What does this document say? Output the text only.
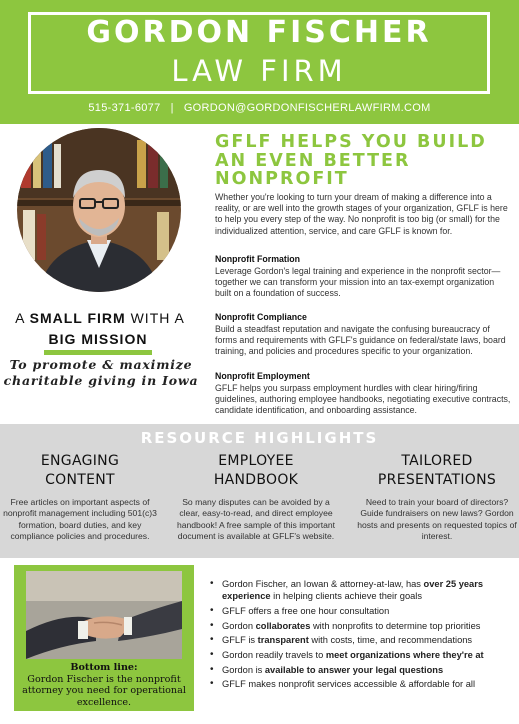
GORDON FISCHER
LAW FIRM
515-371-6077 | GORDON@GORDONFISCHERLAWFIRM.COM
A SMALL FIRM WITH A
BIG MISSION
To promote & maximize charitable giving in Iowa
GFLF HELPS YOU BUILD
AN EVEN BETTER
NONPROFIT
Whether you're looking to turn your dream of making a difference into a reality, or are well into the growth stages of your organization, GFLF is here to help you every step of the way. No nonprofit is too big (or small) for the individualized attention, service, and care GFLF is known for.
Nonprofit Formation
Leverage Gordon's legal training and experience in the nonprofit sector—together we can transform your mission into an tax-exempt organization built on a foundation of success.
Nonprofit Compliance
Build a steadfast reputation and navigate the confusing bureaucracy of forms and requirements with GFLF's guidance on federal/state laws, board training, and policies and procedures specific to your organization.
Nonprofit Employment
GFLF helps you surpass employment hurdles with clear hiring/firing guidelines, authoring employee handbooks, negotiating executive contracts, candidate identification, and onboarding assistance.
RESOURCE HIGHLIGHTS
ENGAGING
CONTENT
Free articles on important aspects of nonprofit management including 501(c)3 formation, board duties, and key compliance policies and procedures.
EMPLOYEE
HANDBOOK
So many disputes can be avoided by a clear, easy-to-read, and direct employee handbook! A free sample of this important document is available at GFLF's website.
TAILORED
PRESENTATIONS
Need to train your board of directors? Guide fundraisers on new laws? Gordon hosts and presents on requested topics of interest.
Bottom line:
Gordon Fischer is the nonprofit attorney you need for operational excellence.
• Gordon Fischer, an Iowan & attorney-at-law, has over 25 years experience in helping clients achieve their goals
• GFLF offers a free one hour consultation
• Gordon collaborates with nonprofits to determine top priorities
• GFLF is transparent with costs, time, and recommendations
• Gordon readily travels to meet organizations where they're at
• Gordon is available to answer your legal questions
• GFLF makes nonprofit services accessible & affordable for all
